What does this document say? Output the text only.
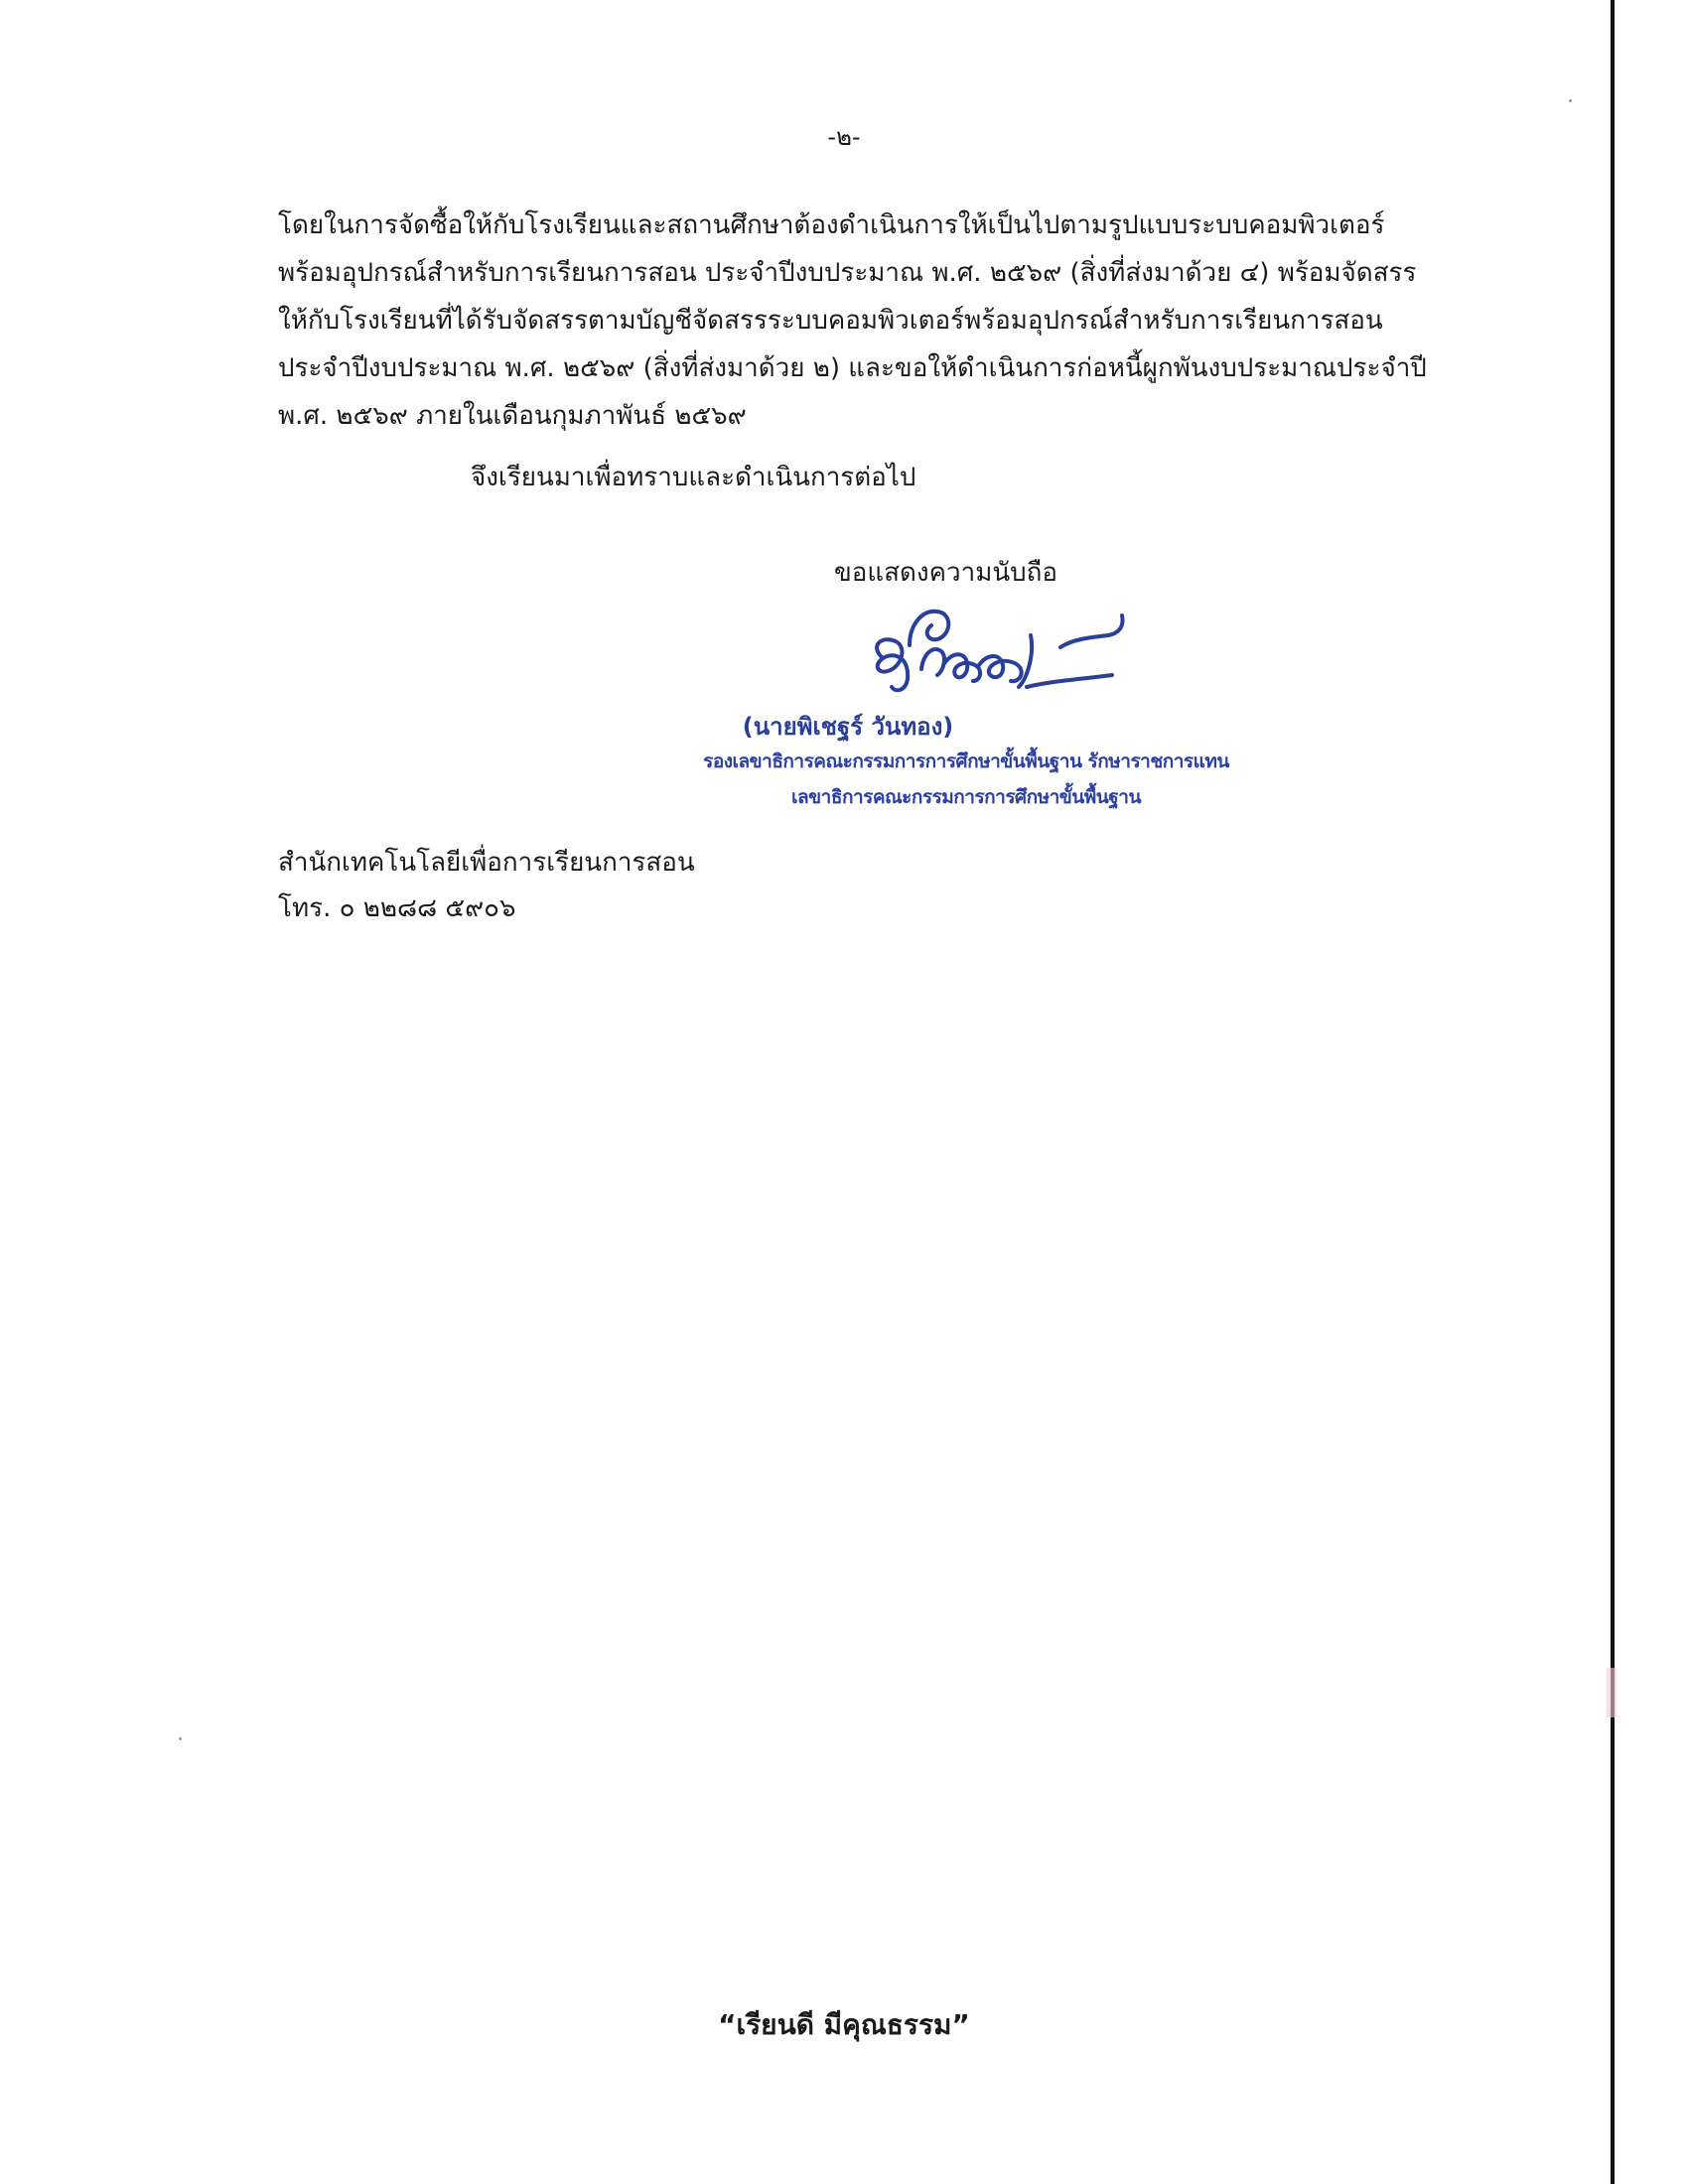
-๒-
โดยในการจัดซื้อให้กับโรงเรียนและสถานศึกษาต้องดำเนินการให้เป็นไปตามรูปแบบระบบคอมพิวเตอร์
พร้อมอุปกรณ์สำหรับการเรียนการสอน ประจำปีงบประมาณ พ.ศ. ๒๕๖๙ (สิ่งที่ส่งมาด้วย ๔) พร้อมจัดสรร
ให้กับโรงเรียนที่ได้รับจัดสรรตามบัญชีจัดสรรระบบคอมพิวเตอร์พร้อมอุปกรณ์สำหรับการเรียนการสอน
ประจำปีงบประมาณ พ.ศ. ๒๕๖๙ (สิ่งที่ส่งมาด้วย ๒) และขอให้ดำเนินการก่อหนี้ผูกพันงบประมาณประจำปี
พ.ศ. ๒๕๖๙ ภายในเดือนกุมภาพันธ์ ๒๕๖๙
จึงเรียนมาเพื่อทราบและดำเนินการต่อไป
ขอแสดงความนับถือ
(นายพิเชฐร์ วันทอง)
รองเลขาธิการคณะกรรมการการศึกษาขั้นพื้นฐาน รักษาราชการแทน
เลขาธิการคณะกรรมการการศึกษาขั้นพื้นฐาน
สำนักเทคโนโลยีเพื่อการเรียนการสอน
โทร. ๐ ๒๒๘๘ ๕๙๐๖
“เรียนดี มีคุณธรรม”
